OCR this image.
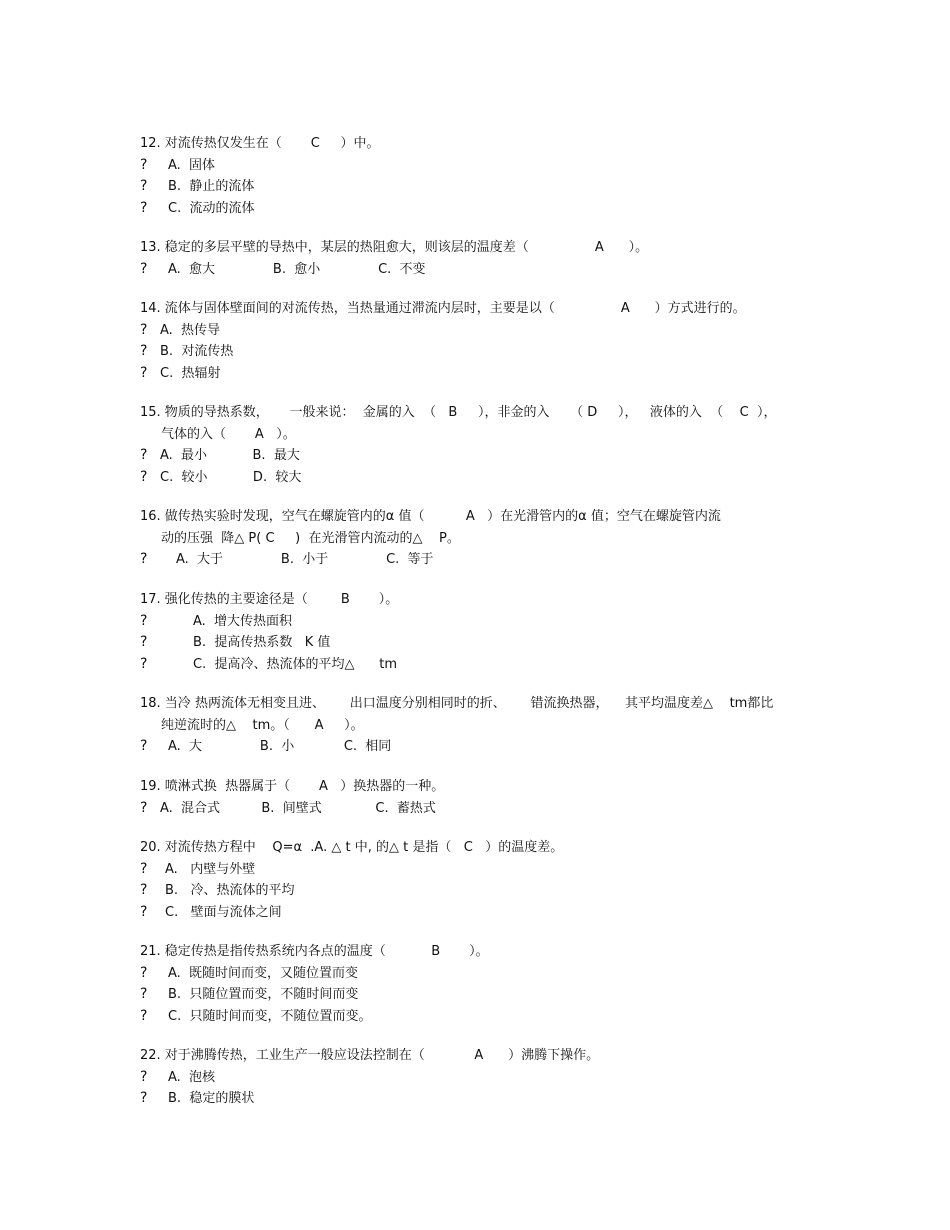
12. 对流传热仅发生在（       C     ）中。
?	A.  固体
?	B.  静止的流体
?	C.  流动的流体
13. 稳定的多层平壁的导热中，某层的热阻愈大，则该层的温度差（                A      ）。
?	A.  愈大              B.  愈小              C.  不变
14. 流体与固体壁面间的对流传热，当热量通过滞流内层时，主要是以（                A      ）方式进行的。
? A.  热传导
? B.  对流传热
? C.  热辐射
15. 物质的导热系数，     一般来说：  金属的入  （   B     ），非金的入     （ D     ），   液体的入  （    C  ），
气体的入（       A   ）。
? A.  最小           B.  最大
? C.  较小           D.  较大
16. 做传热实验时发现，空气在螺旋管内的α 值（          A   ）在光滑管内的α 值；空气在螺旋管内流
动的压强  降△ P( C     )  在光滑管内流动的△    P。
?	A.  大于              B.  小于              C.  等于
17. 强化传热的主要途径是（        B       ）。
?	A.  增大传热面积
?	B.  提高传热系数   K 值
?	C.  提高冷、热流体的平均△      tm
18. 当冷 热两流体无相变且进、      出口温度分别相同时的折、      错流换热器，    其平均温度差△    tm都比
纯逆流时的△    tm。（      A     ）。
?	A.  大              B.  小            C.  相同
19. 喷淋式换  热器属于（       A   ）换热器的一种。
? A.  混合式          B.  间壁式             C.  蓄热式
20. 对流传热方程中    Q=α  .A. △ t 中, 的△ t 是指（   C   ）的温度差。
?	A.   内壁与外壁
?	B.   冷、热流体的平均
?	C.   壁面与流体之间
21. 稳定传热是指传热系统内各点的温度（           B       ）。
?	A.  既随时间而变，又随位置而变
?	B.  只随位置而变，不随时间而变
?	C.  只随时间而变，不随位置而变。
22. 对于沸腾传热，工业生产一般应设法控制在（            A      ）沸腾下操作。
?	A.  泡核
?	B.  稳定的膜状
